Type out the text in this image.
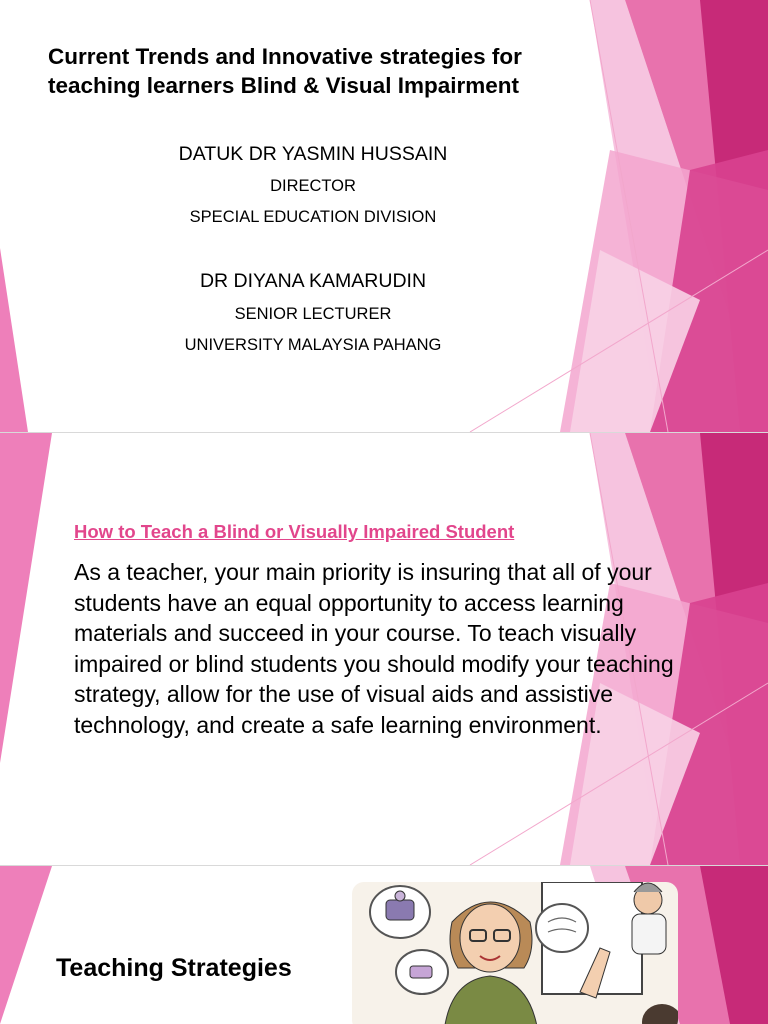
Current Trends and Innovative strategies for teaching learners Blind & Visual Impairment
DATUK DR YASMIN HUSSAIN
DIRECTOR
SPECIAL EDUCATION DIVISION
DR DIYANA KAMARUDIN
SENIOR LECTURER
UNIVERSITY MALAYSIA PAHANG
How to Teach a Blind or Visually Impaired Student
As a teacher, your main priority is insuring that all of your students have an equal opportunity to access learning materials and succeed in your course. To teach visually impaired or blind students you should modify your teaching strategy, allow for the use of visual aids and assistive technology, and create a safe learning environment.
Teaching Strategies
